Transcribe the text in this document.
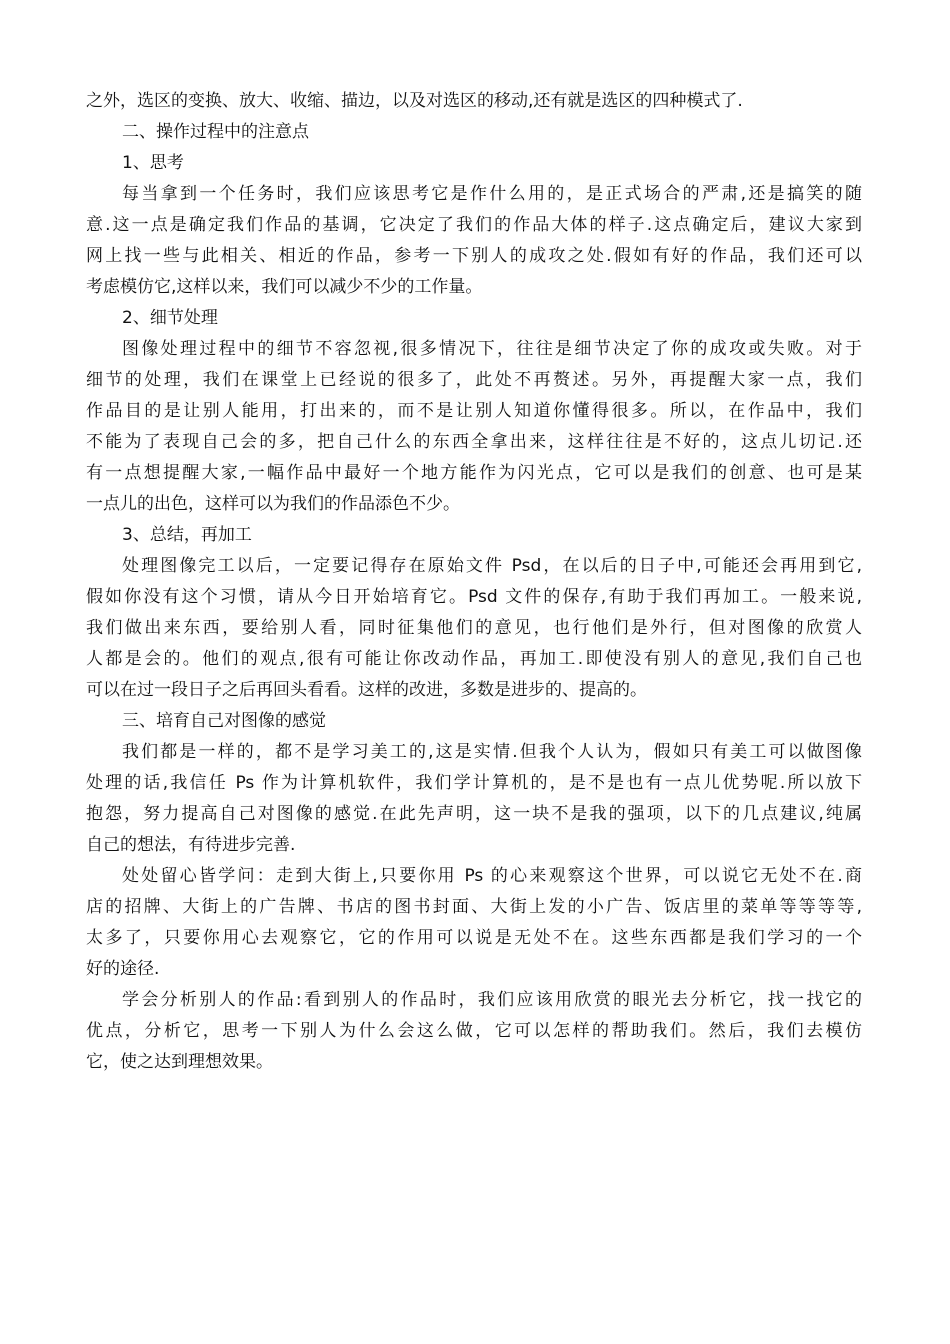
之外，选区的变换、放大、收缩、描边，以及对选区的移动,还有就是选区的四种模式了.

二、操作过程中的注意点

1、思考

每当拿到一个任务时，我们应该思考它是作什么用的，是正式场合的严肃,还是搞笑的随

意.这一点是确定我们作品的基调，它决定了我们的作品大体的样子.这点确定后，建议大家到

网上找一些与此相关、相近的作品，参考一下别人的成攻之处.假如有好的作品，我们还可以

考虑模仿它,这样以来，我们可以减少不少的工作量。

2、细节处理

图像处理过程中的细节不容忽视,很多情况下，往往是细节决定了你的成攻或失败。对于

细节的处理，我们在课堂上已经说的很多了，此处不再赘述。另外，再提醒大家一点，我们

作品目的是让别人能用，打出来的，而不是让别人知道你懂得很多。所以，在作品中，我们

不能为了表现自己会的多，把自己什么的东西全拿出来，这样往往是不好的，这点儿切记.还

有一点想提醒大家,一幅作品中最好一个地方能作为闪光点，它可以是我们的创意、也可是某

一点儿的出色，这样可以为我们的作品添色不少。

3、总结，再加工

处理图像完工以后，一定要记得存在原始文件 Psd，在以后的日子中,可能还会再用到它,

假如你没有这个习惯，请从今日开始培育它。Psd 文件的保存,有助于我们再加工。一般来说,

我们做出来东西，要给别人看，同时征集他们的意见，也行他们是外行，但对图像的欣赏人

人都是会的。他们的观点,很有可能让你改动作品，再加工.即使没有别人的意见,我们自己也

可以在过一段日子之后再回头看看。这样的改进，多数是进步的、提高的。

三、培育自己对图像的感觉

我们都是一样的，都不是学习美工的,这是实情.但我个人认为，假如只有美工可以做图像

处理的话,我信任 Ps 作为计算机软件，我们学计算机的，是不是也有一点儿优势呢.所以放下

抱怨，努力提高自己对图像的感觉.在此先声明，这一块不是我的强项，以下的几点建议,纯属

自己的想法，有待进步完善.

处处留心皆学问：走到大街上,只要你用 Ps 的心来观察这个世界，可以说它无处不在.商

店的招牌、大街上的广告牌、书店的图书封面、大街上发的小广告、饭店里的菜单等等等等,

太多了，只要你用心去观察它，它的作用可以说是无处不在。这些东西都是我们学习的一个

好的途径.

学会分析别人的作品:看到别人的作品时，我们应该用欣赏的眼光去分析它，找一找它的

优点，分析它，思考一下别人为什么会这么做，它可以怎样的帮助我们。然后，我们去模仿

它，使之达到理想效果。
